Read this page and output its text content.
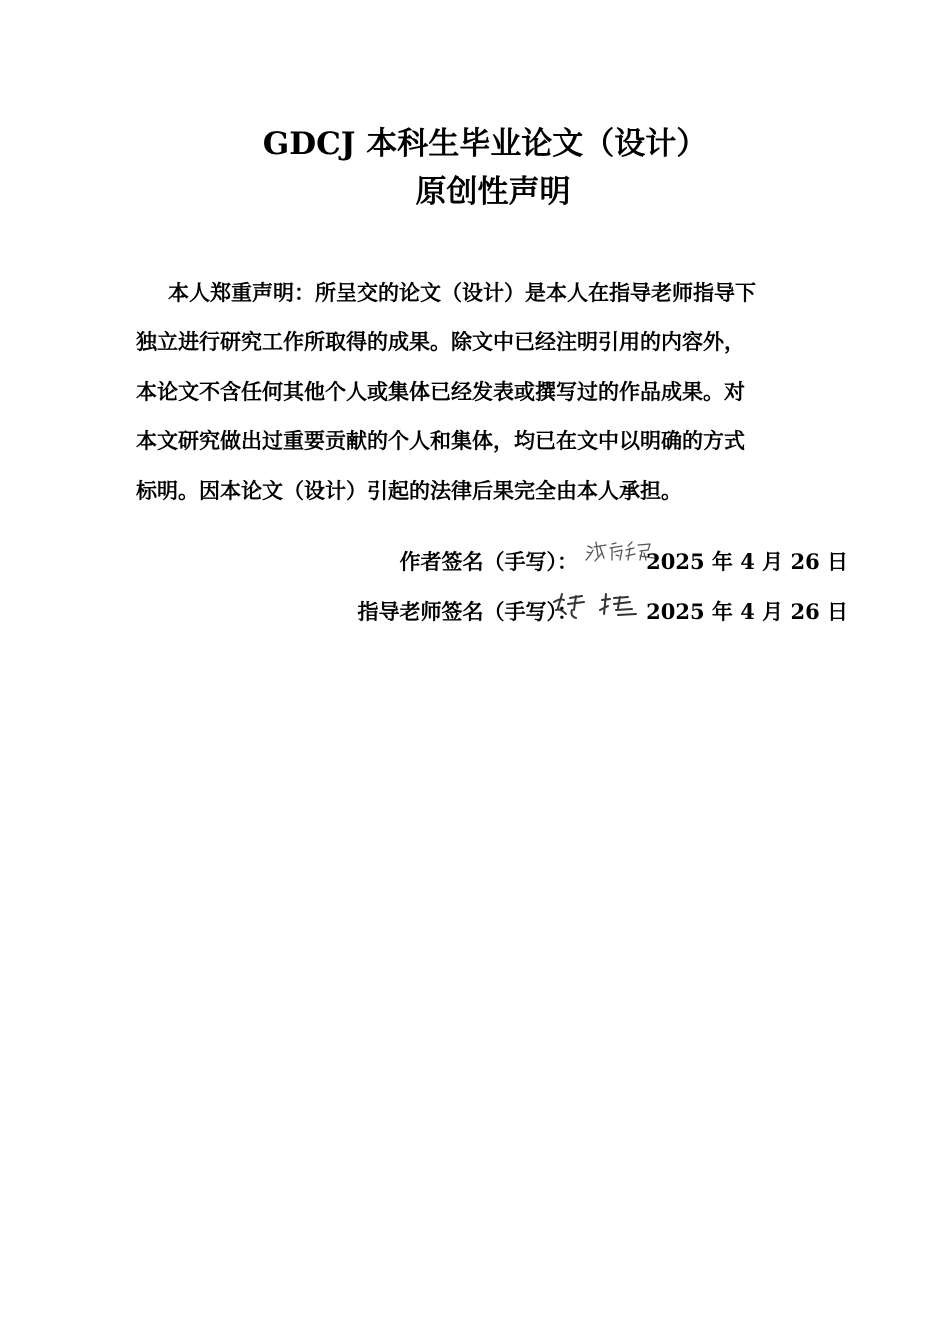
GDCJ 本科生毕业论文（设计）
原创性声明
本人郑重声明：所呈交的论文（设计）是本人在指导老师指导下
独立进行研究工作所取得的成果。除文中已经注明引用的内容外，
本论文不含任何其他个人或集体已经发表或撰写过的作品成果。对
本文研究做出过重要贡献的个人和集体，均已在文中以明确的方式
标明。因本论文（设计）引起的法律后果完全由本人承担。
作者签名（手写）：	2025 年 4 月 26 日
指导老师签名（手写）：	2025 年 4 月 26 日
